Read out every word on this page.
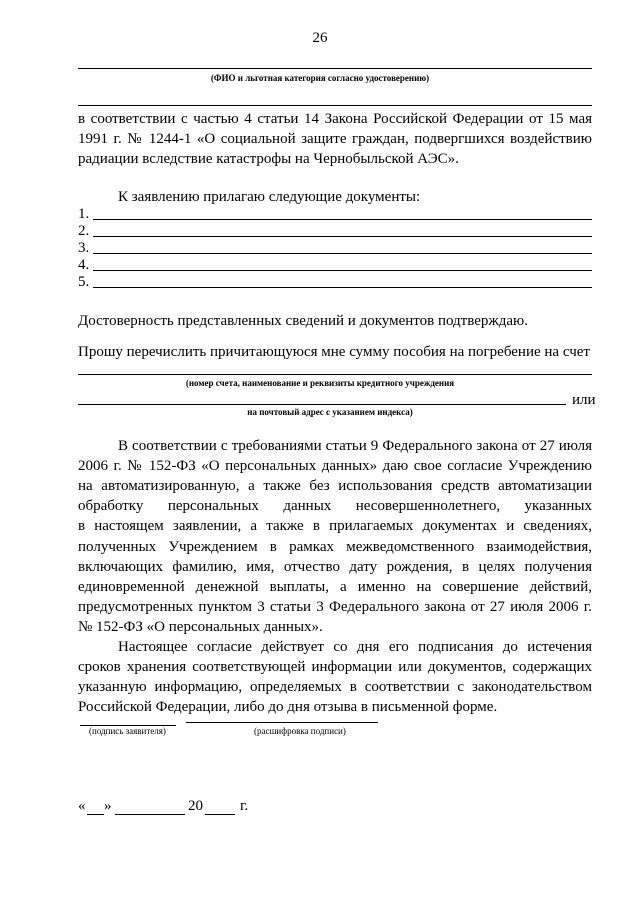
26
(ФИО и льготная категория согласно удостоверению)
в соответствии с частью 4 статьи 14 Закона Российской Федерации от 15 мая
1991 г. № 1244-1 «О социальной защите граждан, подвергшихся воздействию
радиации вследствие катастрофы на Чернобыльской АЭС».
К заявлению прилагаю следующие документы:
1.
2.
3.
4.
5.
Достоверность представленных сведений и документов подтверждаю.
Прошу перечислить причитающуюся мне сумму пособия на погребение на счет
(номер счета, наименование и реквизиты кредитного учреждения
или
на почтовый адрес с указанием индекса)
В соответствии с требованиями статьи 9 Федерального закона от 27 июля
2006 г. № 152-ФЗ «О персональных данных» даю свое согласие Учреждению
на автоматизированную, а также без использования средств автоматизации
обработку персональных данных несовершеннолетнего, указанных
в настоящем заявлении, а также в прилагаемых документах и сведениях,
полученных Учреждением в рамках межведомственного взаимодействия,
включающих фамилию, имя, отчество дату рождения, в целях получения
единовременной денежной выплаты, а именно на совершение действий,
предусмотренных пунктом 3 статьи 3 Федерального закона от 27 июля 2006 г.
№ 152-ФЗ «О персональных данных».
Настоящее согласие действует со дня его подписания до истечения
сроков хранения соответствующей информации или документов, содержащих
указанную информацию, определяемых в соответствии с законодательством
Российской Федерации, либо до дня отзыва в письменной форме.
(подпись заявителя)	(расшифровка подписи)
« »	20 г.
